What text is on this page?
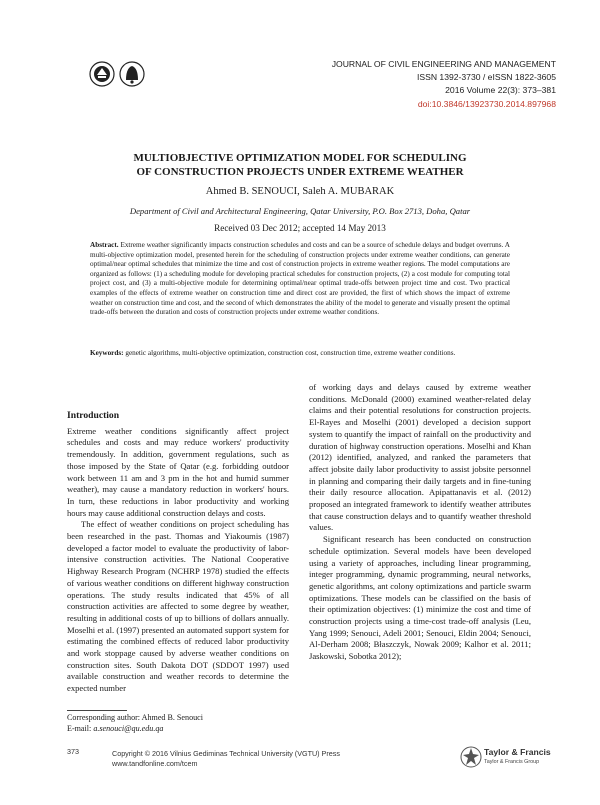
JOURNAL OF CIVIL ENGINEERING AND MANAGEMENT
ISSN 1392-3730 / eISSN 1822-3605
2016 Volume 22(3): 373–381
doi:10.3846/13923730.2014.897968
MULTIOBJECTIVE OPTIMIZATION MODEL FOR SCHEDULING
OF CONSTRUCTION PROJECTS UNDER EXTREME WEATHER
Ahmed B. SENOUCI, Saleh A. MUBARAK
Department of Civil and Architectural Engineering, Qatar University, P.O. Box 2713, Doha, Qatar
Received 03 Dec 2012; accepted 14 May 2013
Abstract. Extreme weather significantly impacts construction schedules and costs and can be a source of schedule delays and budget overruns. A multi-objective optimization model, presented herein for the scheduling of construction projects under extreme weather conditions, can generate optimal/near optimal schedules that minimize the time and cost of construction projects in extreme weather regions. The model computations are organized as follows: (1) a scheduling module for developing practical schedules for construction projects, (2) a cost module for computing total project cost, and (3) a multi-objective module for determining optimal/near optimal trade-offs between project time and cost. Two practical examples of the effects of extreme weather on construction time and direct cost are provided, the first of which shows the impact of extreme weather on construction time and cost, and the second of which demonstrates the ability of the model to generate and visually present the optimal trade-offs between the duration and costs of construction projects under extreme weather conditions.
Keywords: genetic algorithms, multi-objective optimization, construction cost, construction time, extreme weather conditions.
Introduction

Extreme weather conditions significantly affect project schedules and costs and may reduce workers' productivity tremendously. In addition, government regulations, such as those imposed by the State of Qatar (e.g. forbidding outdoor work between 11 am and 3 pm in the hot and humid summer weather), may cause a mandatory reduction in workers' hours. In turn, these reductions in labor productivity and working hours may cause additional construction delays and costs.

The effect of weather conditions on project scheduling has been researched in the past. Thomas and Yiakoumis (1987) developed a factor model to evaluate the productivity of labor-intensive construction activities. The National Cooperative Highway Research Program (NCHRP 1978) studied the effects of various weather conditions on different highway construction operations. The study results indicated that 45% of all construction activities are affected to some degree by weather, resulting in additional costs of up to billions of dollars annually. Moselhi et al. (1997) presented an automated support system for estimating the combined effects of reduced labor productivity and work stoppage caused by adverse weather conditions on construction sites. South Dakota DOT (SDDOT 1997) used available construction and weather records to determine the expected number

of working days and delays caused by extreme weather conditions. McDonald (2000) examined weather-related delay claims and their potential resolutions for construction projects. El-Rayes and Moselhi (2001) developed a decision support system to quantify the impact of rainfall on the productivity and duration of highway construction operations. Moselhi and Khan (2012) identified, analyzed, and ranked the parameters that affect jobsite daily labor productivity to assist jobsite personnel in planning and comparing their daily targets and in fine-tuning their daily resource allocation. Apipattanavis et al. (2012) proposed an integrated framework to identify weather attributes that cause construction delays and to quantify weather threshold values.

Significant research has been conducted on construction schedule optimization. Several models have been developed using a variety of approaches, including linear programming, integer programming, dynamic programming, neural networks, genetic algorithms, ant colony optimizations and particle swarm optimizations. These models can be classified on the basis of their optimization objectives: (1) minimize the cost and time of construction projects using a time-cost trade-off analysis (Leu, Yang 1999; Senouci, Adeli 2001; Senouci, Eldin 2004; Senouci, Al-Derham 2008; Błaszczyk, Nowak 2009; Kalhor et al. 2011; Jaskowski, Sobotka 2012);

Corresponding author: Ahmed B. Senouci
E-mail: a.senouci@qu.edu.qa
373	Copyright © 2016 Vilnius Gediminas Technical University (VGTU) Press
www.tandfonline.com/tcem
Taylor & Francis
Taylor & Francis Group
